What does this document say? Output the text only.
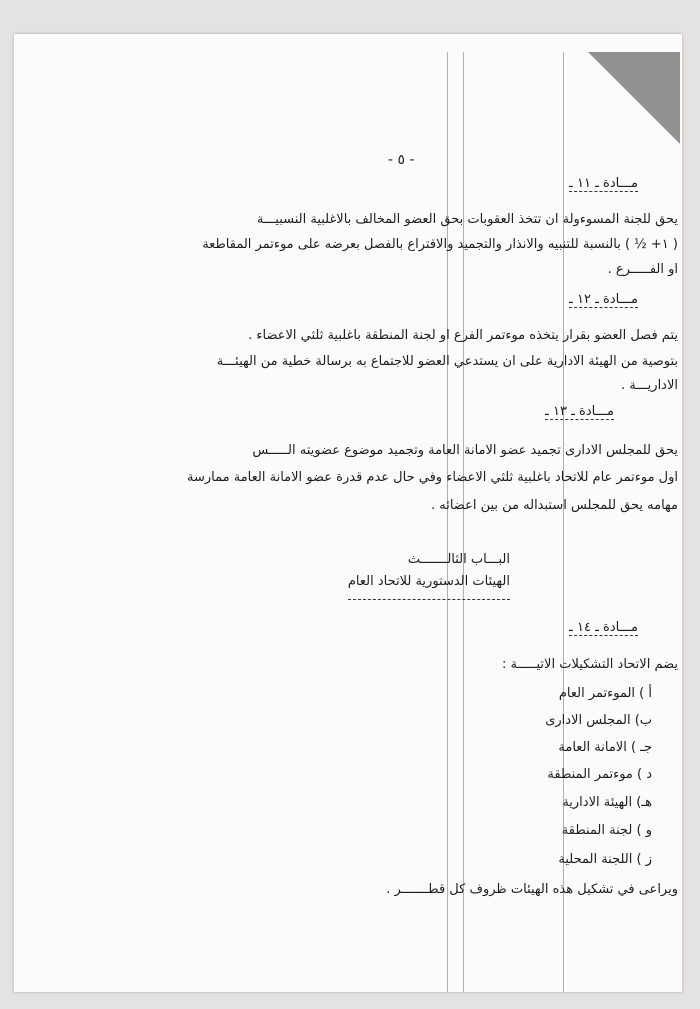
- ٥ -
مـــادة ـ ١١ ـ
يحق للجنة المسوءولة ان تتخذ العقوبات بحق العضو المخالف بالاغلبية النسبيـــة
( ١+ ½ ) بالنسبة للتنبيه والانذار والتجميد والاقتراع بالفصل بعرضه على موءتمر المقاطعة
او الفـــــرع .
مـــادة ـ ١٢ ـ
يتم فصل العضو بقرار يتخذه موءتمر الفرع او لجنة المنطقة باغلبية ثلثي الاعضاء .
بتوصية من الهيئة الادارية على ان يستدعي العضو للاجتماع به برسالة خطية من الهيئـــة
الاداريـــة .
مـــادة ـ ١٣ ـ
يحق للمجلس الادارى تجميد عضو الامانة العامة وتجميد موضوع عضويته الـــــس
اول موءتمر عام للاتحاد باغلبية ثلثي الاعضاء وفي حال عدم قدرة عضو الامانة العامة ممارسة
مهامه يحق للمجلس استبداله من بين اعضائه .
البـــاب الثالـــــــث
الهيئات الدستورية للاتحاد العام
مـــادة ـ ١٤ ـ
يضم الاتحاد التشكيلات الاتيـــــة :
أ ) الموءتمر العام
ب) المجلس الادارى
جـ ) الامانة العامة
د ) موءتمر المنطقة
هـ) الهيئة الادارية
و ) لجنة المنطقة
ز ) اللجنة المحلية
ويراعى في تشكيل هذه الهيئات ظروف كل قطـــــــر .
